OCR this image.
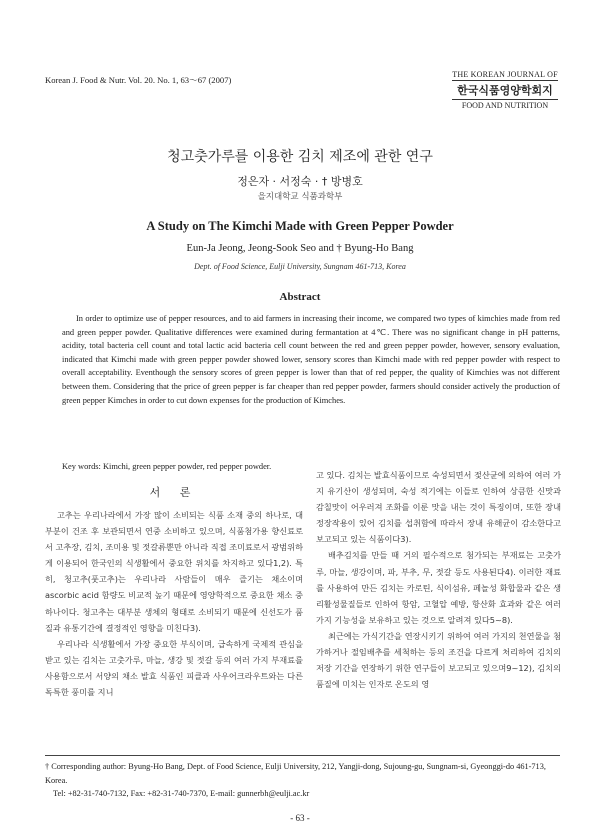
Korean J. Food & Nutr. Vol. 20. No. 1, 63～67 (2007)
THE KOREAN JOURNAL OF
한국식품영양학회지
FOOD AND NUTRITION
청고춧가루를 이용한 김치 제조에 관한 연구
정은자 · 서정숙 · † 방병호
을지대학교 식품과학부
A Study on The Kimchi Made with Green Pepper Powder
Eun-Ja Jeong, Jeong-Sook Seo and † Byung-Ho Bang
Dept. of Food Science, Eulji University, Sungnam 461-713, Korea
Abstract

In order to optimize use of pepper resources, and to aid farmers in increasing their income, we compared two types of kimchies made from red and green pepper powder. Qualitative differences were examined during fermantation at 4℃. There was no significant change in pH patterns, acidity, total bacteria cell count and total lactic acid bacteria cell count between the red and green pepper powder, however, sensory evaluation, indicated that Kimchi made with green pepper powder showed lower, sensory scores than Kimchi made with red pepper powder with respect to overall acceptability. Eventhough the sensory scores of green pepper is lower than that of red pepper, the quality of Kimchies was not different between them. Considering that the price of green pepper is far cheaper than red pepper powder, farmers should consider actively the production of green pepper Kimches in order to cut down expenses for the production of Kimches.

Key words: Kimchi, green pepper powder, red pepper powder.
서 론

고추는 우리나라에서 가장 많이 소비되는 식품 소재 중의 하나로, 대부분이 건조 후 보관되면서 연중 소비하고 있으며, 식품첨가용 향신료로서 고추장, 김치, 조미용 및 젓갈류뿐만 아니라 직접 조미료로서 광범위하게 이용되어 한국인의 식생활에서 중요한 위치를 차지하고 있다1,2). 특히, 청고추(풋고추)는 우리나라 사람들이 매우 즐기는 채소이며 ascorbic acid 함량도 비교적 높기 때문에 영양학적으로 중요한 채소 중 하나이다. 청고추는 대부분 생체의 형태로 소비되기 때문에 신선도가 품질과 유통기간에 결정적인 영향을 미친다3).

우리나라 식생활에서 가장 중요한 부식이며, 급속하게 국제적 관심을 받고 있는 김치는 고춧가루, 마늘, 생강 및 젓갈 등의 여러 가지 부재료를 사용함으로서 서양의 채소 발효 식품인 피클과 사우어크라우트와는 다른 독특한 풍미를 지니

고 있다. 김치는 발효식품이므로 숙성되면서 젖산균에 의하여 여러 가지 유기산이 생성되며, 숙성 적기에는 이들로 인하여 상큼한 신맛과 감칠맛이 어우러져 조화를 이룬 맛을 내는 것이 특징이며, 또한 장내 정장작용이 있어 김치를 섭취함에 따라서 장내 유해균이 감소한다고 보고되고 있는 식품이다3).

배추김치를 만들 때 거의 필수적으로 첨가되는 부재료는 고춧가루, 마늘, 생강이며, 파, 부추, 무, 젓갈 등도 사용된다4). 이러한 재료를 사용하여 만든 김치는 카로틴, 식이섬유, 페놀성 화합물과 같은 생리활성물질들로 인하여 항암, 고혈압 예방, 항산화 효과와 같은 여러 가지 기능성을 보유하고 있는 것으로 알려져 있다5~8).

최근에는 가식기간을 연장시키기 위하여 여러 가지의 천연물을 첨가하거나 절임배추를 세척하는 등의 조건을 다르게 처리하여 김치의 저장 기간을 연장하기 위한 연구들이 보고되고 있으며9~12), 김치의 품질에 미치는 인자로 온도의 영

† Corresponding author: Byung-Ho Bang, Dept. of Food Science, Eulji University, 212, Yangji-dong, Sujoung-gu, Sungnam-si, Gyeonggi-do 461-713, Korea.

Tel: +82-31-740-7132, Fax: +82-31-740-7370, E-mail: gunnerbh@eulji.ac.kr

- 63 -
